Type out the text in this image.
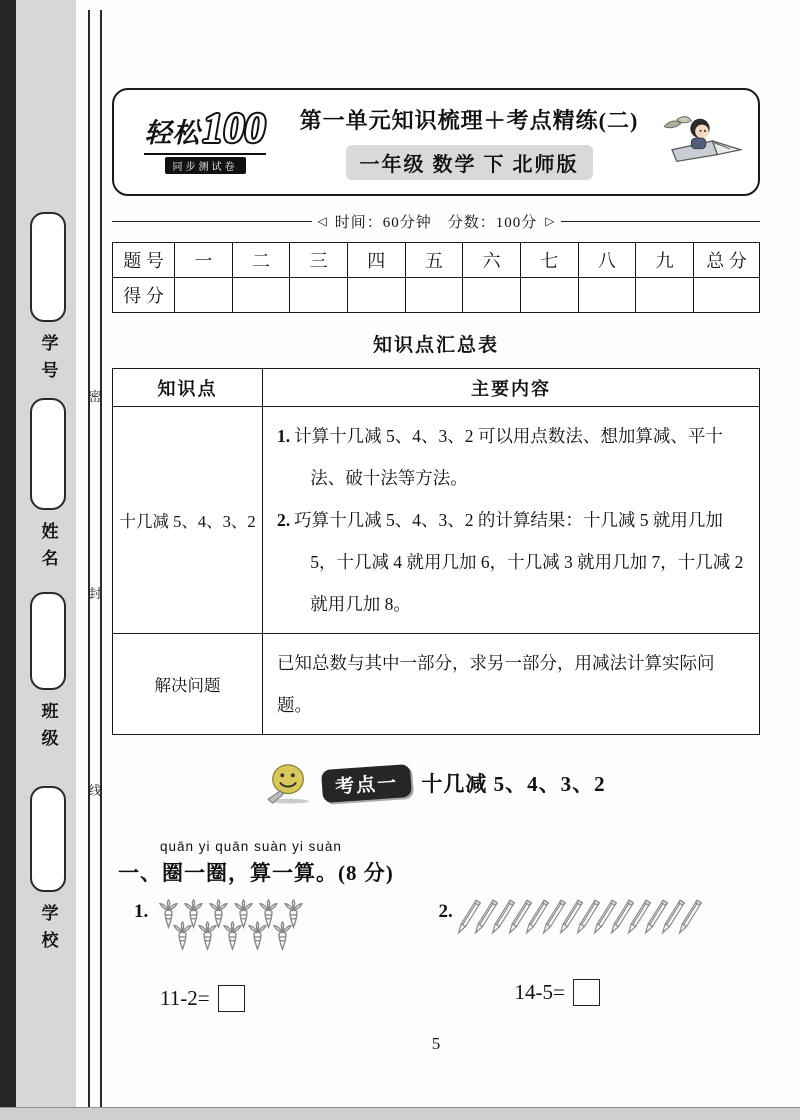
学号
姓名
班级
学校
密
封
线
轻松 100
同步测试卷
第一单元知识梳理＋考点精练(二)
一年级 数学 下 北师版
◁ 时间：60分钟　分数：100分 ▷
题 号	一	二	三	四	五	六	七	八	九	总 分
得 分										
知识点汇总表
知识点	主要内容
十几减 5、4、3、2	1. 计算十几减 5、4、3、2 可以用点数法、想加算减、平十法、破十法等方法。

2. 巧算十几减 5、4、3、2 的计算结果：十几减 5 就用几加 5，十几减 4 就用几加 6，十几减 3 就用几加 7，十几减 2 就用几加 8。

解决问题	已知总数与其中一部分，求另一部分，用减法计算实际问题。

考点一	十几减 5、4、3、2
quān yi quān suàn yi suàn
一、圈一圈，算一算。(8 分)
1.
11-2=
2.
14-5=
5
